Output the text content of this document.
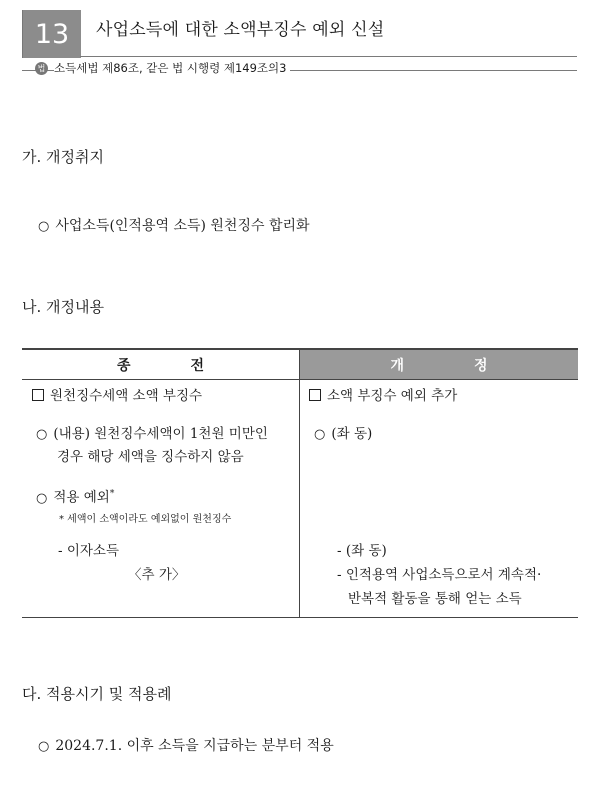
13	사업소득에 대한 소액부징수 예외 신설
법 소득세법 제86조, 같은 법 시행령 제149조의3
가. 개정취지
○ 사업소득(인적용역 소득) 원천징수 합리화
나. 개정내용
종전	개정
원천징수세액 소액 부징수
○ (내용) 원천징수세액이 1천원 미만인
경우 해당 세액을 징수하지 않음
○ 적용 예외*
* 세액이 소액이라도 예외없이 원천징수
- 이자소득
〈추 가〉
소액 부징수 예외 추가
○ (좌 동)
- (좌 동)
- 인적용역 사업소득으로서 계속적·
반복적 활동을 통해 얻는 소득
다. 적용시기 및 적용례
○ 2024.7.1. 이후 소득을 지급하는 분부터 적용
